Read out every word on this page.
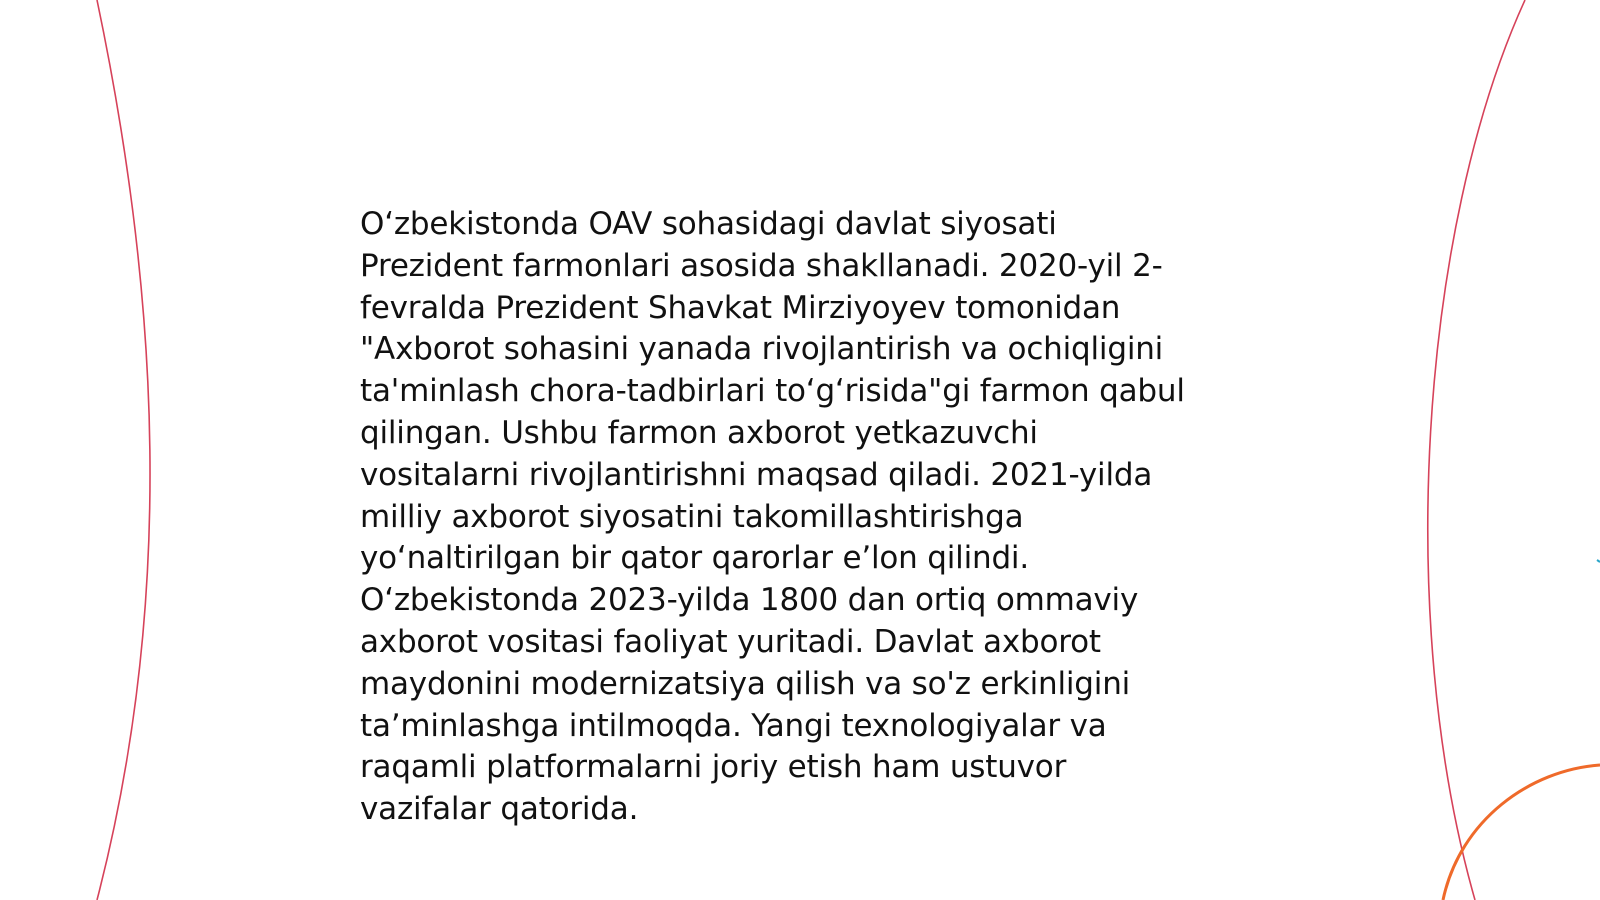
O‘zbekistonda OAV sohasidagi davlat siyosati
Prezident farmonlari asosida shakllanadi. 2020-yil 2-
fevralda Prezident Shavkat Mirziyoyev tomonidan
"Axborot sohasini yanada rivojlantirish va ochiqligini
ta'minlash chora-tadbirlari to‘g‘risida"gi farmon qabul
qilingan. Ushbu farmon axborot yetkazuvchi
vositalarni rivojlantirishni maqsad qiladi. 2021-yilda
milliy axborot siyosatini takomillashtirishga
yo‘naltirilgan bir qator qarorlar e’lon qilindi.
O‘zbekistonda 2023-yilda 1800 dan ortiq ommaviy
axborot vositasi faoliyat yuritadi. Davlat axborot
maydonini modernizatsiya qilish va so'z erkinligini
ta’minlashga intilmoqda. Yangi texnologiyalar va
raqamli platformalarni joriy etish ham ustuvor
vazifalar qatorida.
